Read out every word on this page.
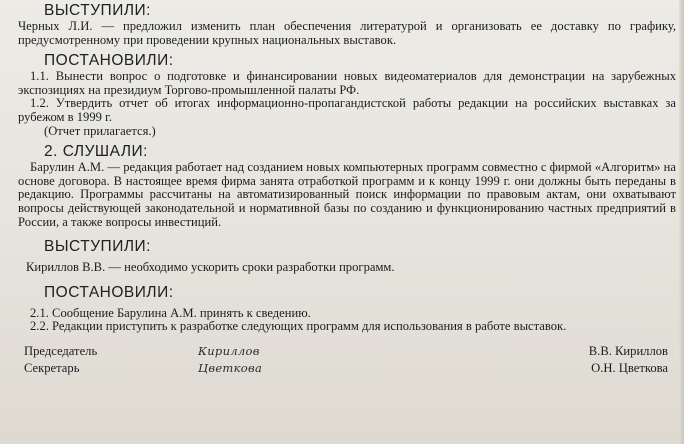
ВЫСТУПИЛИ:

Черных Л.И. — предложил изменить план обеспечения литературой и организовать ее доставку по графику, предусмотренному при проведении крупных национальных выставок.

ПОСТАНОВИЛИ:

1.1. Вынести вопрос о подготовке и финансировании новых видеоматериалов для демонстрации на зарубежных экспозициях на президиум Торгово-промышленной палаты РФ.

1.2. Утвердить отчет об итогах информационно-пропагандистской работы редакции на российских выставках за рубежом в 1999 г.

(Отчет прилагается.)

2. СЛУШАЛИ:

Барулин А.М. — редакция работает над созданием новых компьютерных программ совместно с фирмой «Алгоритм» на основе договора. В настоящее время фирма занята отработкой программ и к концу 1999 г. они должны быть переданы в редакцию. Программы рассчитаны на автоматизированный поиск информации по правовым актам, они охватывают вопросы действующей законодательной и нормативной базы по созданию и функционированию частных предприятий в России, а также вопросы инвестиций.

ВЫСТУПИЛИ:

Кириллов В.В. — необходимо ускорить сроки разработки программ.

ПОСТАНОВИЛИ:

2.1. Сообщение Барулина А.М. принять к сведению.

2.2. Редакции приступить к разработке следующих программ для использования в работе выставок.

Председатель	Кириллов	В.В. Кириллов
Секретарь	Цветкова	О.Н. Цветкова
